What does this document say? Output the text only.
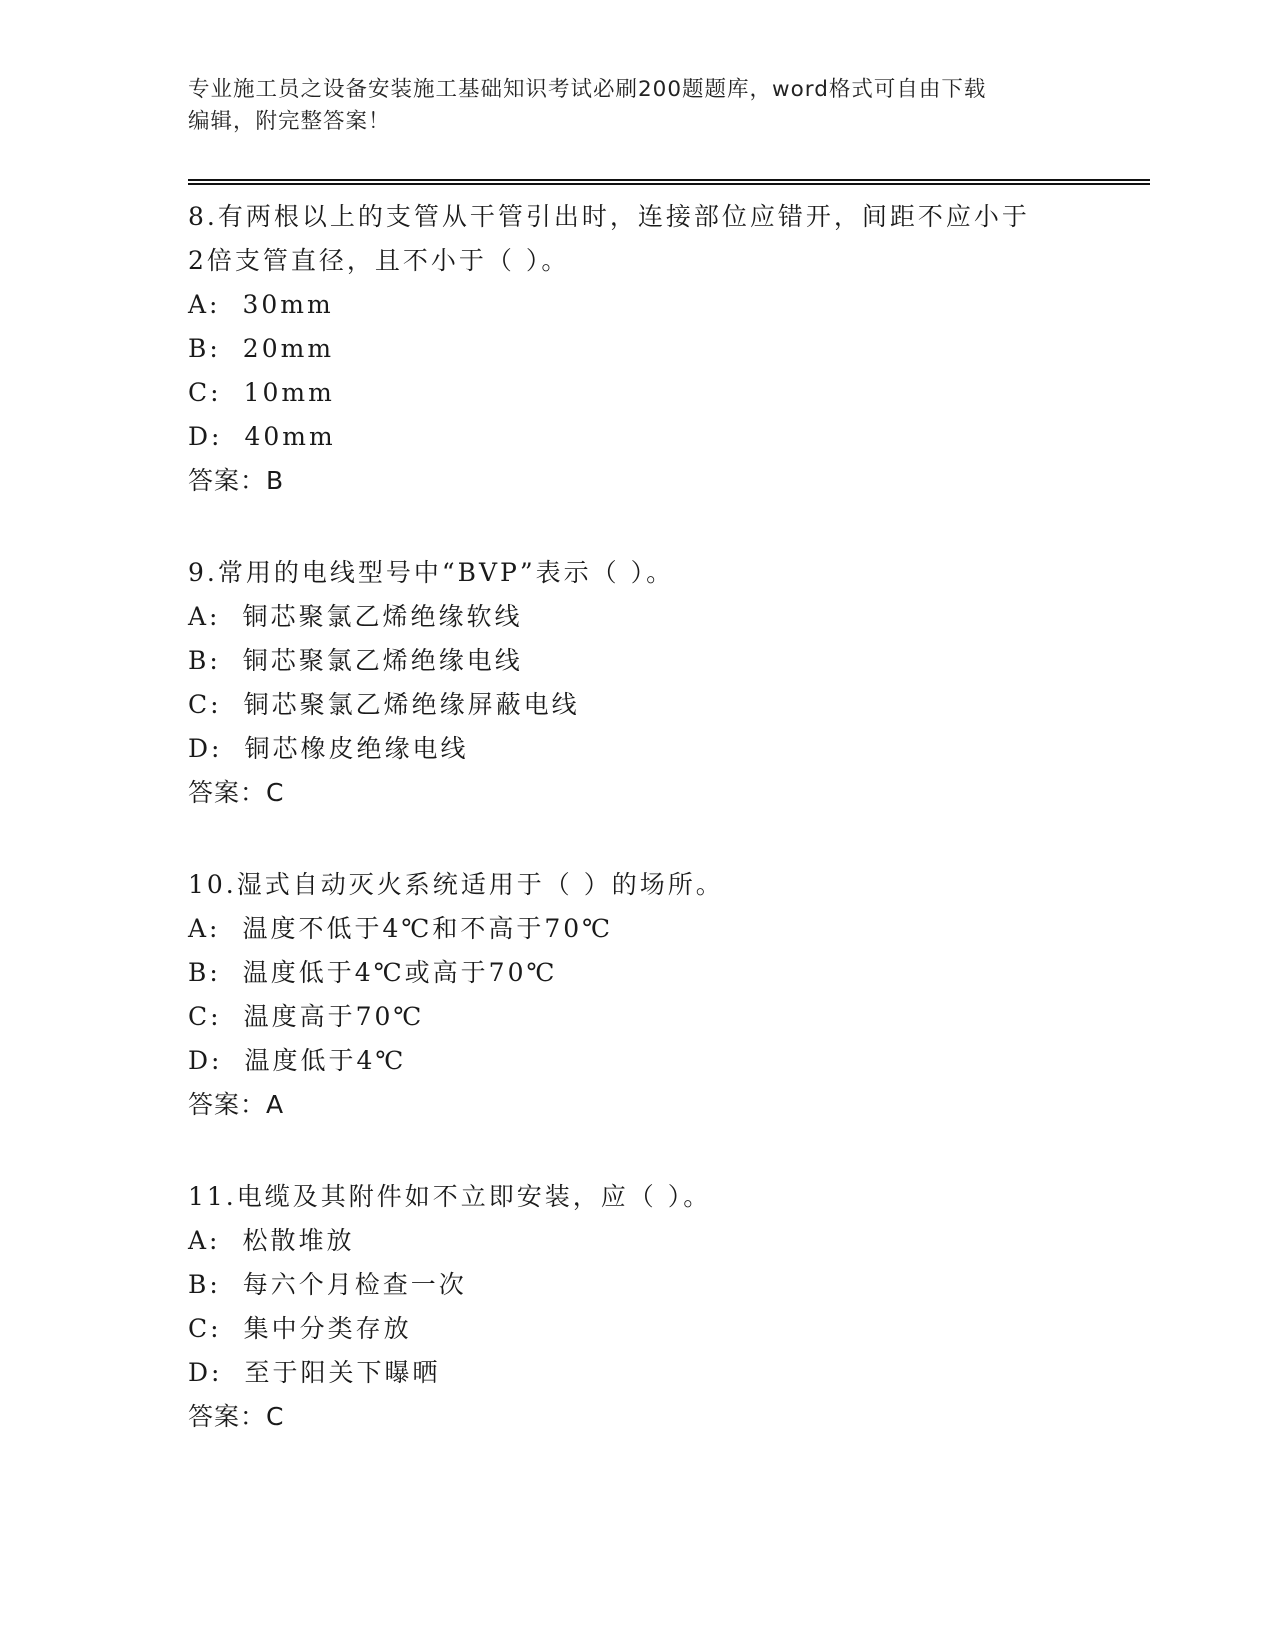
专业施工员之设备安装施工基础知识考试必刷200题题库，word格式可自由下载
编辑，附完整答案！

8.有两根以上的支管从干管引出时，连接部位应错开，间距不应小于

2倍支管直径，且不小于（ ）。

A: 30mm

B: 20mm

C: 10mm

D: 40mm

答案：B

9.常用的电线型号中“BVP”表示（ ）。

A: 铜芯聚氯乙烯绝缘软线

B: 铜芯聚氯乙烯绝缘电线

C: 铜芯聚氯乙烯绝缘屏蔽电线

D: 铜芯橡皮绝缘电线

答案：C

10.湿式自动灭火系统适用于（ ）的场所。

A: 温度不低于4℃和不高于70℃

B: 温度低于4℃或高于70℃

C: 温度高于70℃

D: 温度低于4℃

答案：A

11.电缆及其附件如不立即安装，应（ ）。

A: 松散堆放

B: 每六个月检查一次

C: 集中分类存放

D: 至于阳关下曝晒

答案：C
